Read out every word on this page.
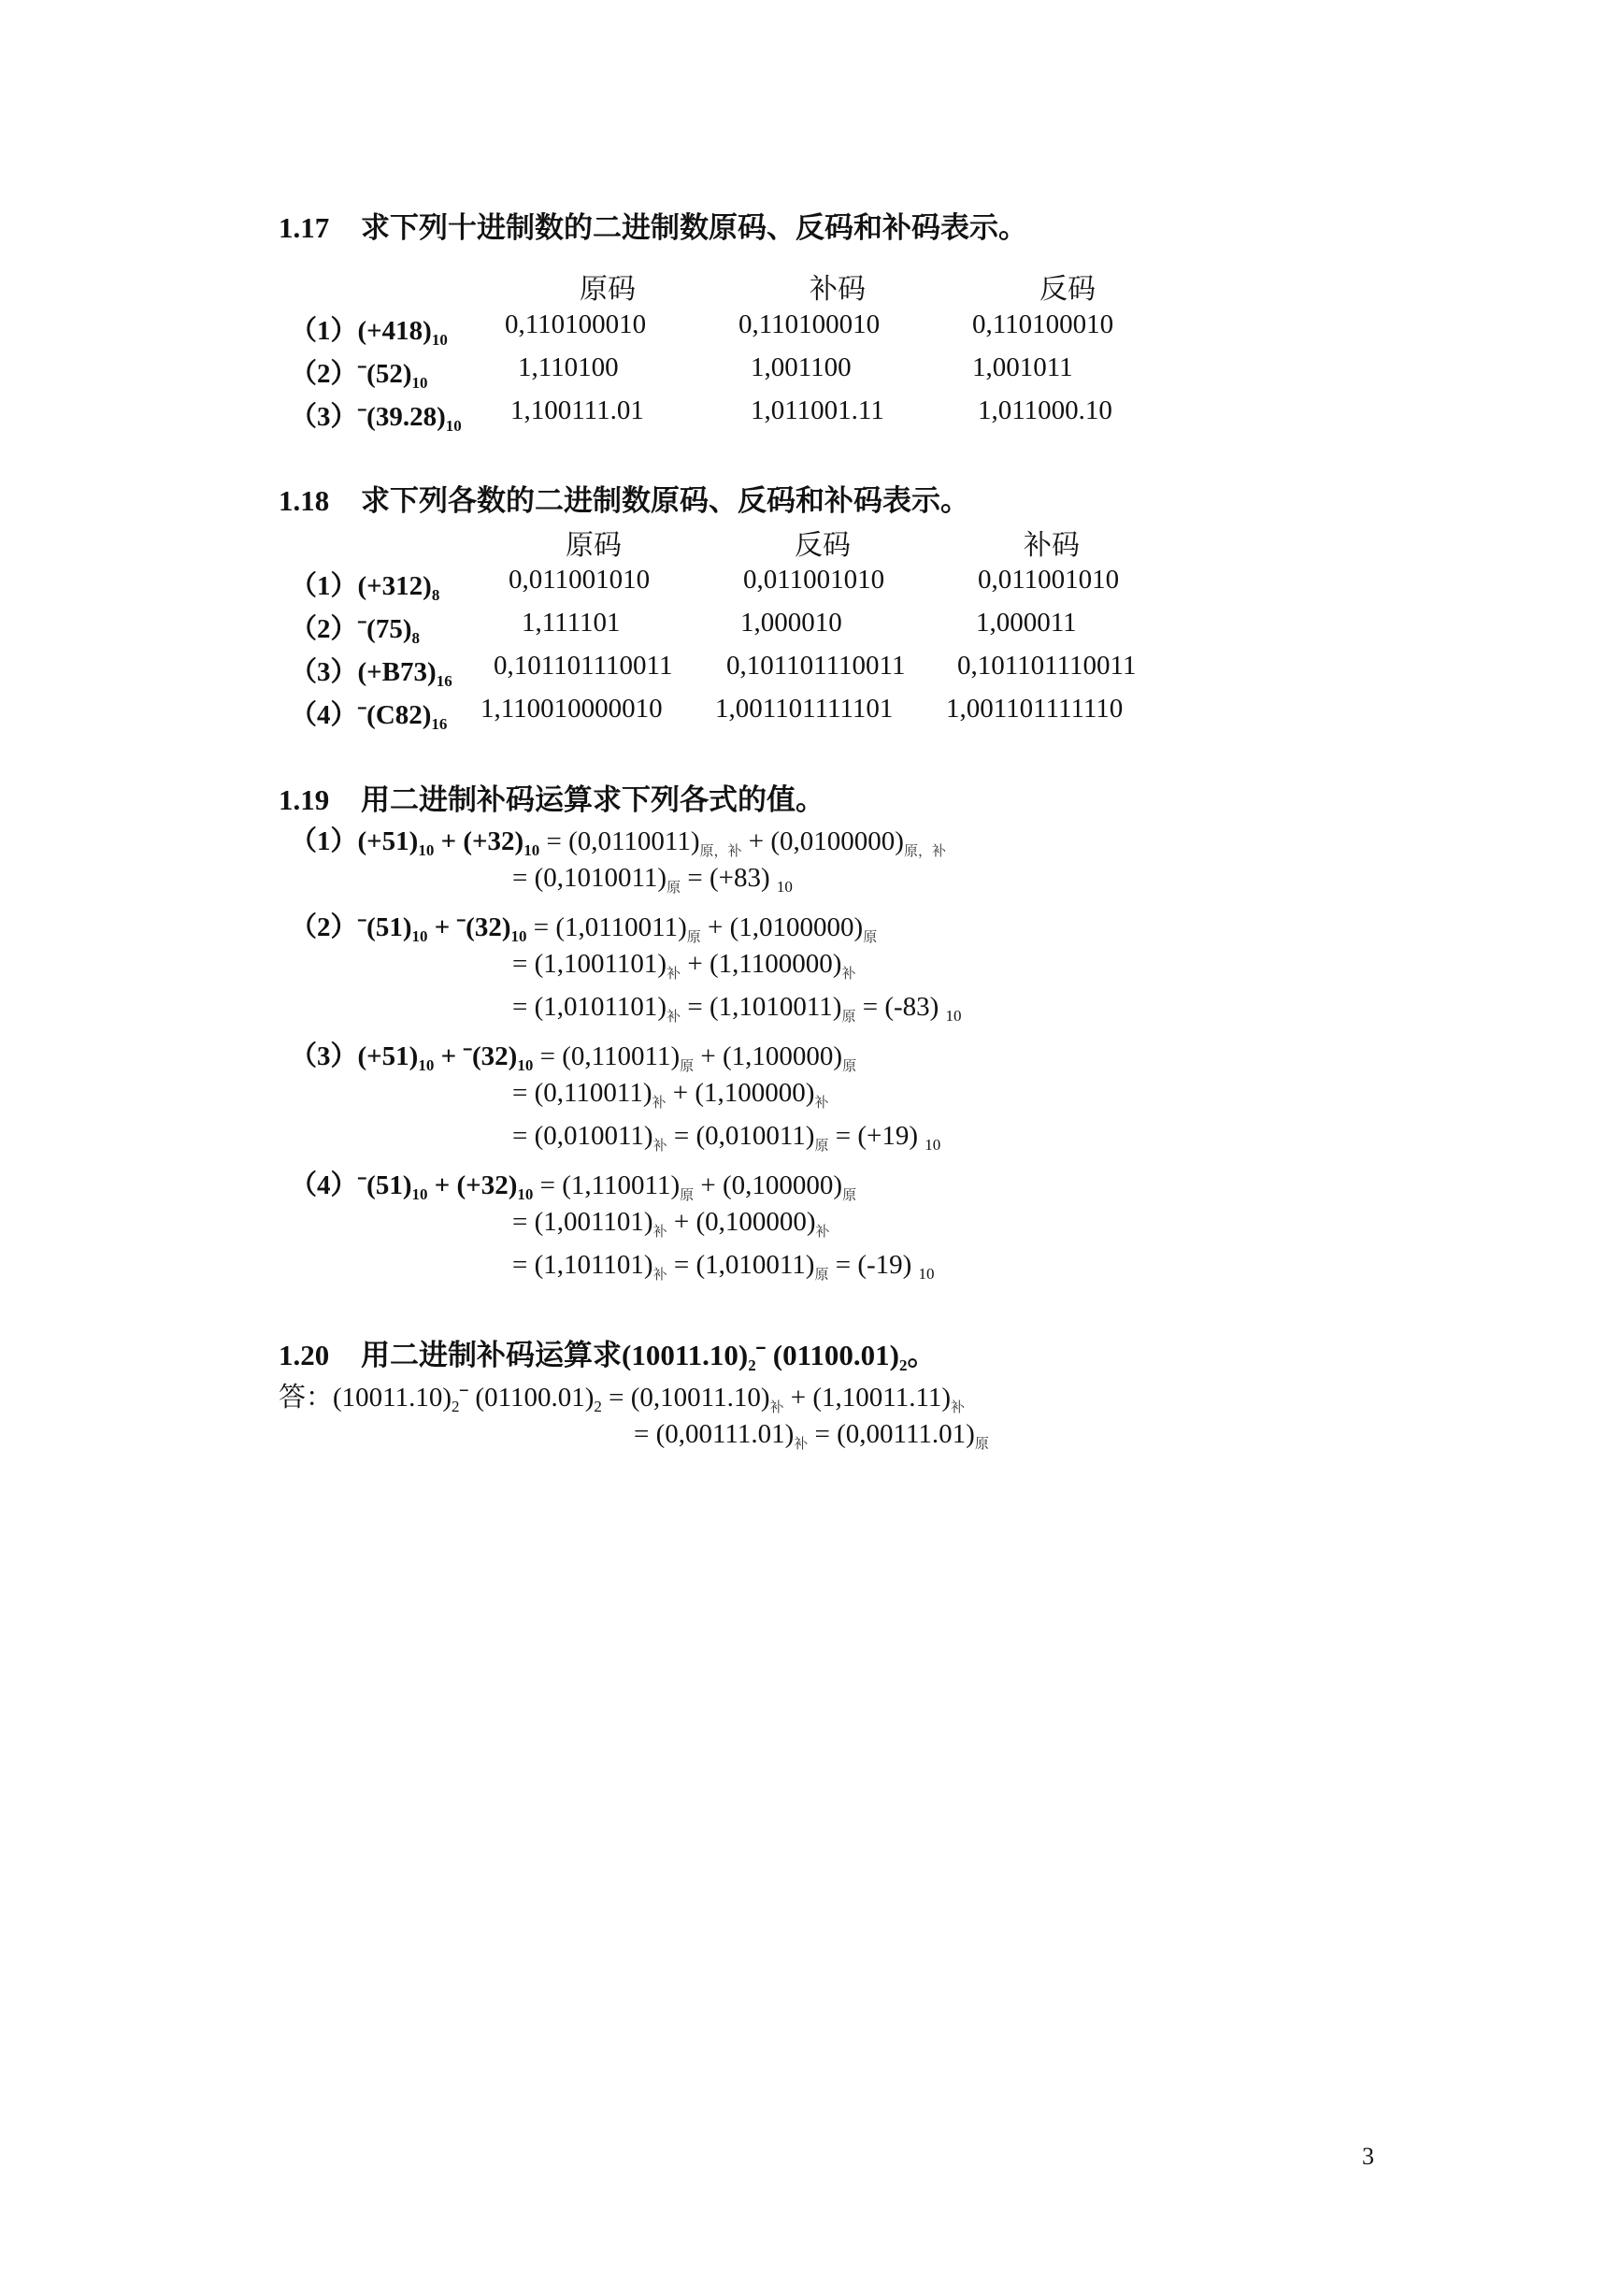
1.17 求下列十进制数的二进制数原码、反码和补码表示。
原码	补码	反码
$(1)(+418)_{10}$
0,110100010	0,110100010	0,110100010
$(2)ˉ(52)_{10}$
1,110100	1,001100	1,001011
$(3)ˉ(39.28)_{10}$
1,100111.01	1,011001.11	1,011000.10
1.18 求下列各数的二进制数原码、反码和补码表示。
原码	反码	补码
$(1)(+312)_8$
0,011001010	0,011001010	0,011001010
$(2)ˉ(75)_8$
1,111101	1,000010	1,000011
$(3)(+B73)_{16}$
0,101101110011 0,101101110011 0,101101110011
$(4)ˉ(C82)_{16}$
1,110010000010 1,001101111101 1,001101111110
1.19 用二进制补码运算求下列各式的值。
$(1)(+51)_{10} + (+32)_{10} = (0,0110011)_{原,补} + (0,0100000)_{原,补}$
= $(0,1010011)_原 = (+83)$ $_{10}$
$(2)ˉ(51)_{10}$ + $ˉ(32)_{10} = (1,0110011)_原 + (1,0100000)_原$
= $(1,1001101)_补 + (1,1100000)_补$
= $(1,0101101)_补 = (1,1010011)_原 = (-83)$ $_{10}$
$(3)(+51)_{10}$ + $ˉ(32)_{10} = (0,110011)_原 + (1,100000)_原$
= $(0,110011)_补 + (1,100000)_补$
= $(0,010011)_补 = (0,010011)_原 = (+19)$ $_{10}$
$(4)ˉ(51)_{10} + (+32)_{10} = (1,110011)_原 + (0,100000)_原$
= $(1,001101)_补 + (0,100000)_补$
= $(1,101101)_补 = (1,010011)_原 = (-19)$ $_{10}$
1.20 用二进制补码运算求$(10011.10)_2ˉ$ $(01100.01)_2$。
答：$(10011.10)_2ˉ$ $(01100.01)_2 = (0,10011.10)_补 + (1,10011.11)_补$
= $(0,00111.01)_补 = (0,00111.01)_原$
3
